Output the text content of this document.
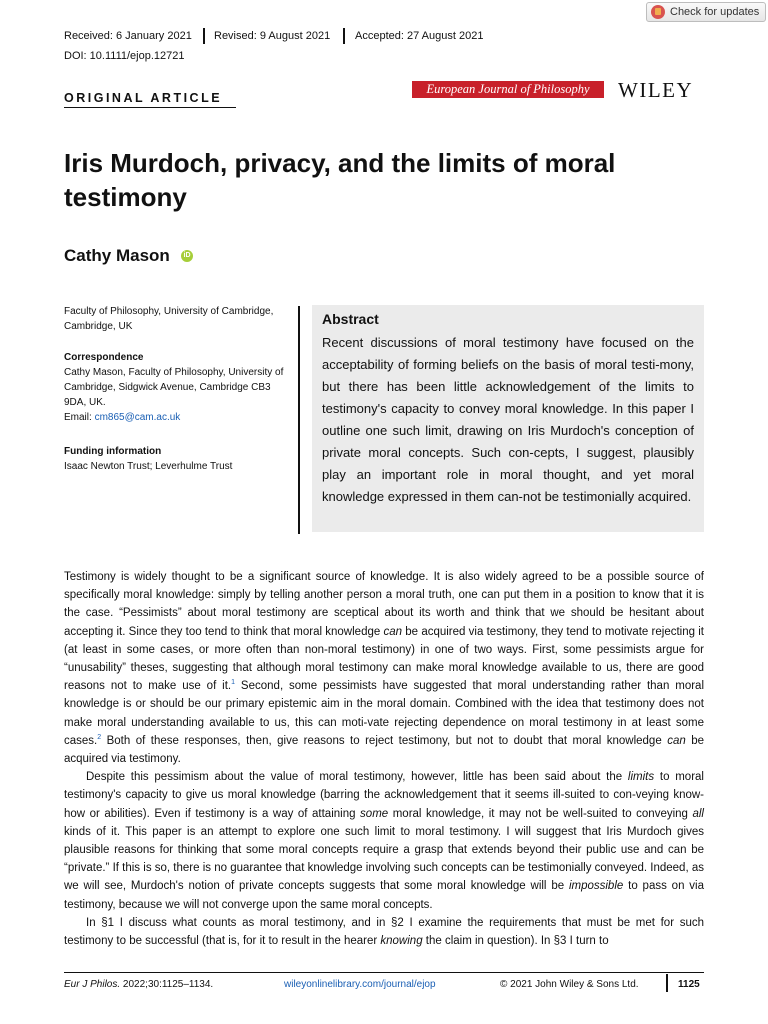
Check for updates
Received: 6 January 2021 Revised: 9 August 2021 Accepted: 27 August 2021
DOI: 10.1111/ejop.12721
ORIGINAL ARTICLE
European Journal of Philosophy	WILEY
Iris Murdoch, privacy, and the limits of moral testimony
Cathy Mason	iD
Faculty of Philosophy, University of Cambridge, Cambridge, UK
Correspondence
Cathy Mason, Faculty of Philosophy, University of Cambridge, Sidgwick Avenue, Cambridge CB3 9DA, UK.
Email: cm865@cam.ac.uk
Funding information
Isaac Newton Trust; Leverhulme Trust
Abstract

Recent discussions of moral testimony have focused on the acceptability of forming beliefs on the basis of moral testi-mony, but there has been little acknowledgement of the limits to testimony's capacity to convey moral knowledge. In this paper I outline one such limit, drawing on Iris Murdoch's conception of private moral concepts. Such con-cepts, I suggest, plausibly play an important role in moral thought, and yet moral knowledge expressed in them can-not be testimonially acquired.

Testimony is widely thought to be a significant source of knowledge. It is also widely agreed to be a possible source of specifically moral knowledge: simply by telling another person a moral truth, one can put them in a position to know that it is the case. “Pessimists” about moral testimony are sceptical about its worth and think that we should be hesitant about accepting it. Since they too tend to think that moral knowledge can be acquired via testimony, they tend to motivate rejecting it (at least in some cases, or more often than non-moral testimony) in one of two ways. First, some pessimists argue for “unusability” theses, suggesting that although moral testimony can make moral knowledge available to us, there are good reasons not to make use of it.$^1$ Second, some pessimists have suggested that moral understanding rather than moral knowledge is or should be our primary epistemic aim in the moral domain. Combined with the idea that testimony does not make moral understanding available to us, this can moti-vate rejecting dependence on moral testimony in at least some cases.$^2$ Both of these responses, then, give reasons to reject testimony, but not to doubt that moral knowledge can be acquired via testimony.

Despite this pessimism about the value of moral testimony, however, little has been said about the limits to moral testimony's capacity to give us moral knowledge (barring the acknowledgement that it seems ill-suited to con-veying know-how or abilities). Even if testimony is a way of attaining some moral knowledge, it may not be well-suited to conveying all kinds of it. This paper is an attempt to explore one such limit to moral testimony. I will suggest that Iris Murdoch gives plausible reasons for thinking that some moral concepts require a grasp that extends beyond their public use and can be “private.” If this is so, there is no guarantee that knowledge involving such concepts can be testimonially conveyed. Indeed, as we will see, Murdoch's notion of private concepts suggests that some moral knowledge will be impossible to pass on via testimony, because we will not converge upon the same moral concepts.

In §1 I discuss what counts as moral testimony, and in §2 I examine the requirements that must be met for such testimony to be successful (that is, for it to result in the hearer knowing the claim in question). In §3 I turn to

Eur J Philos. 2022;30:1125–1134.	wileyonlinelibrary.com/journal/ejop	© 2021 John Wiley & Sons Ltd.	1125
